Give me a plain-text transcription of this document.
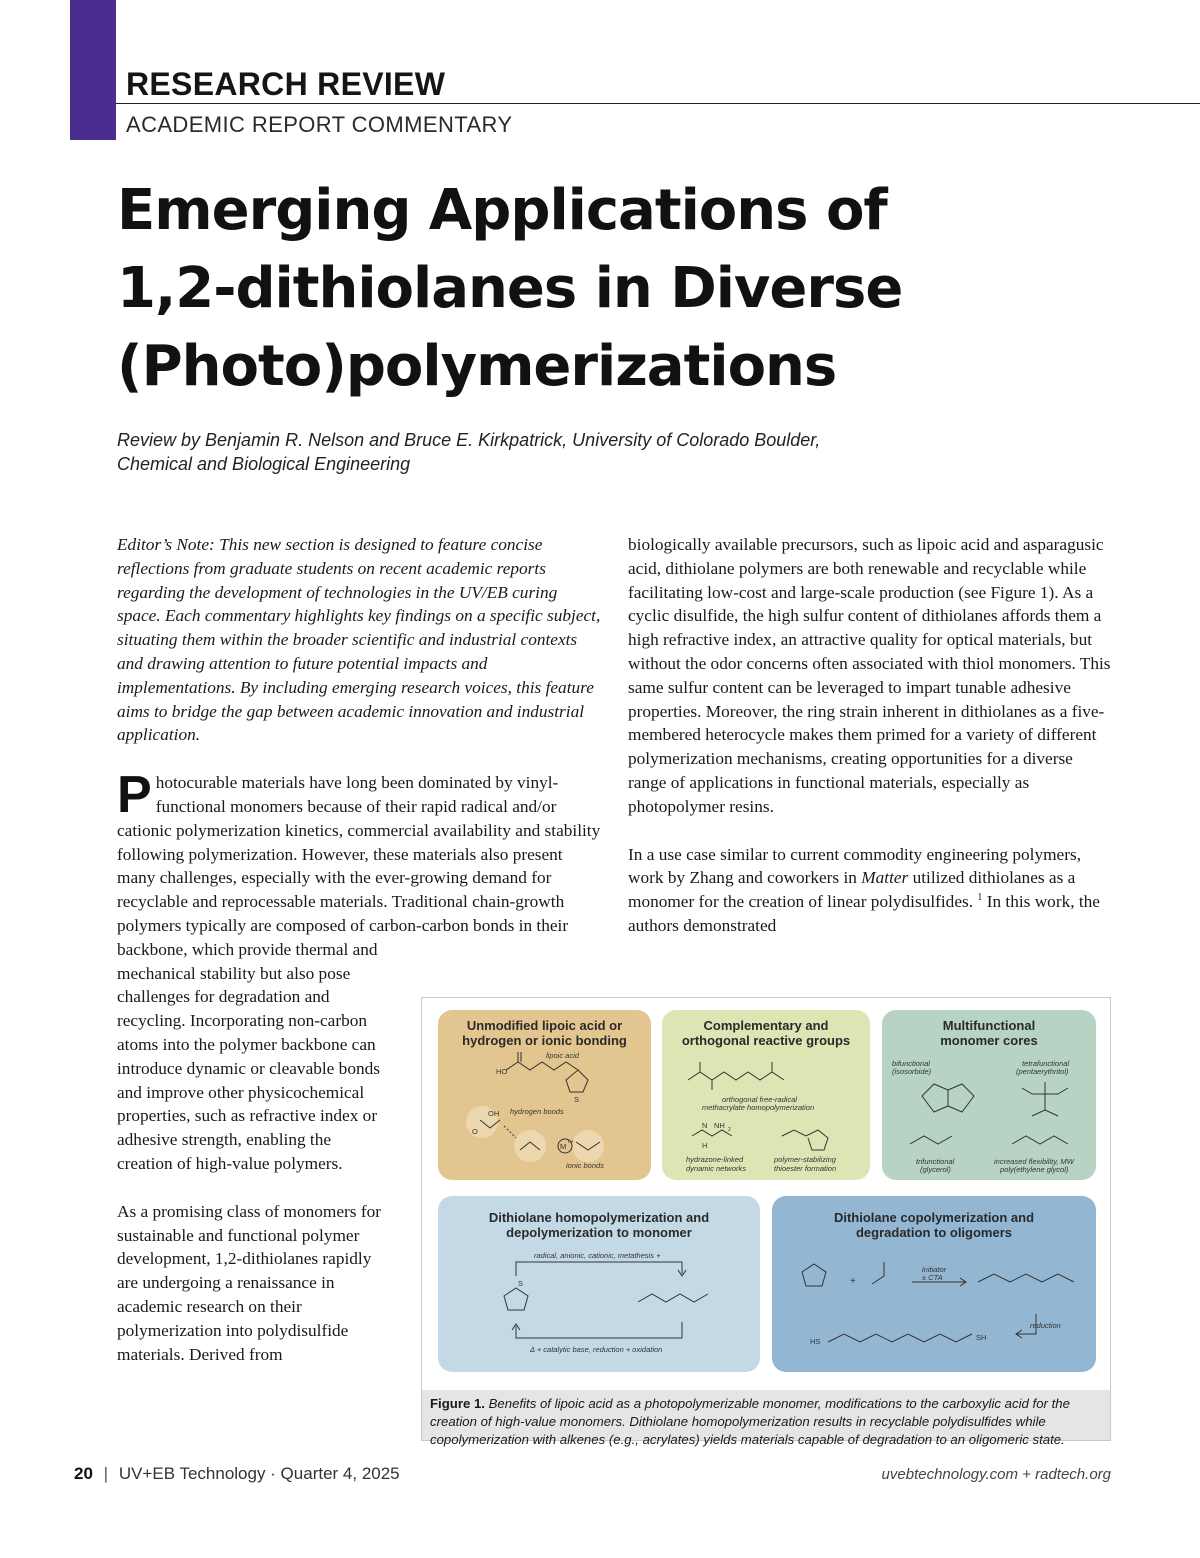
RESEARCH REVIEW
ACADEMIC REPORT COMMENTARY
Emerging Applications of 1,2-dithiolanes in Diverse (Photo)polymerizations
Review by Benjamin R. Nelson and Bruce E. Kirkpatrick, University of Colorado Boulder,
Chemical and Biological Engineering

Editor’s Note: This new section is designed to feature concise reflections from graduate students on recent academic reports regarding the development of technologies in the UV/EB curing space. Each commentary highlights key findings on a specific subject, situating them within the broader scientific and industrial contexts and drawing attention to future potential impacts and implementations. By including emerging research voices, this feature aims to bridge the gap between academic innovation and industrial application.

Photocurable materials have long been dominated by vinyl-functional monomers because of their rapid radical and/or cationic polymerization kinetics, commercial availability and stability following polymerization. However, these materials also present many challenges, especially with the ever-growing demand for recyclable and reprocessable materials. Traditional chain-growth polymers typically are composed of carbon-carbon bonds in their

backbone, which provide thermal and mechanical stability but also pose challenges for degradation and recycling. Incorporating non-carbon atoms into the polymer backbone can introduce dynamic or cleavable bonds and improve other physicochemical properties, such as refractive index or adhesive strength, enabling the creation of high-value polymers.

As a promising class of monomers for sustainable and functional polymer development, 1,2-dithiolanes rapidly are undergoing a renaissance in academic research on their polymerization into polydisulfide materials. Derived from

biologically available precursors, such as lipoic acid and asparagusic acid, dithiolane polymers are both renewable and recyclable while facilitating low-cost and large-scale production (see Figure 1). As a cyclic disulfide, the high sulfur content of dithiolanes affords them a high refractive index, an attractive quality for optical materials, but without the odor concerns often associated with thiol monomers. This same sulfur content can be leveraged to impart tunable adhesive properties. Moreover, the ring strain inherent in dithiolanes as a five-membered heterocycle makes them primed for a variety of different polymerization mechanisms, creating opportunities for a diverse range of applications in functional materials, especially as photopolymer resins.

In a use case similar to current commodity engineering polymers, work by Zhang and coworkers in Matter utilized dithiolanes as a monomer for the creation of linear polydisulfides. $^1$ In this work, the authors demonstrated

Unmodified lipoic acid or hydrogen or ionic bonding
HO
lipoic acid
S
hydrogen bonds
OH
O
M n+
ionic bonds
Complementary and orthogonal reactive groups
orthogonal free-radical
methacrylate homopolymerization
NH 2
N
H
hydrazone-linked
dynamic networks
polymer-stabilizing
thioester formation
Multifunctional monomer cores
bifunctional
(isosorbide)
tetrafunctional
(pentaerythritol)
trifunctional
(glycerol)
increased flexibility, MW
poly(ethylene glycol)
Dithiolane homopolymerization and depolymerization to monomer
radical, anionic, cationic, metathesis +
Δ + catalytic base, reduction + oxidation
S
Dithiolane copolymerization and degradation to oligomers
+
initiator
± CTA
reduction
HS	SH
Figure 1. Benefits of lipoic acid as a photopolymerizable monomer, modifications to the carboxylic acid for the creation of high-value monomers. Dithiolane homopolymerization results in recyclable polydisulfides while copolymerization with alkenes (e.g., acrylates) yields materials capable of degradation to an oligomeric state.
20 | UV+EB Technology · Quarter 4, 2025	uvebtechnology.com + radtech.org
